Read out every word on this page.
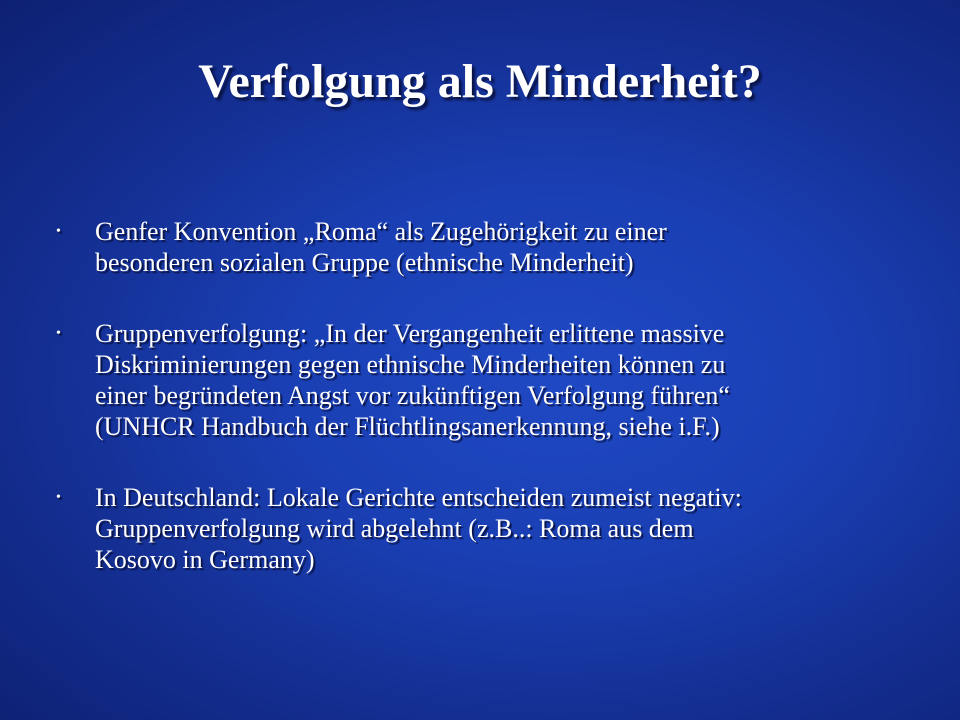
Verfolgung als Minderheit?
• Genfer Konvention „Roma“ als Zugehörigkeit zu einer
besonderen sozialen Gruppe (ethnische Minderheit)
• Gruppenverfolgung: „In der Vergangenheit erlittene massive
Diskriminierungen gegen ethnische Minderheiten können zu
einer begründeten Angst vor zukünftigen Verfolgung führen“
(UNHCR Handbuch der Flüchtlingsanerkennung, siehe i.F.)
• In Deutschland: Lokale Gerichte entscheiden zumeist negativ:
Gruppenverfolgung wird abgelehnt (z.B..: Roma aus dem
Kosovo in Germany)
